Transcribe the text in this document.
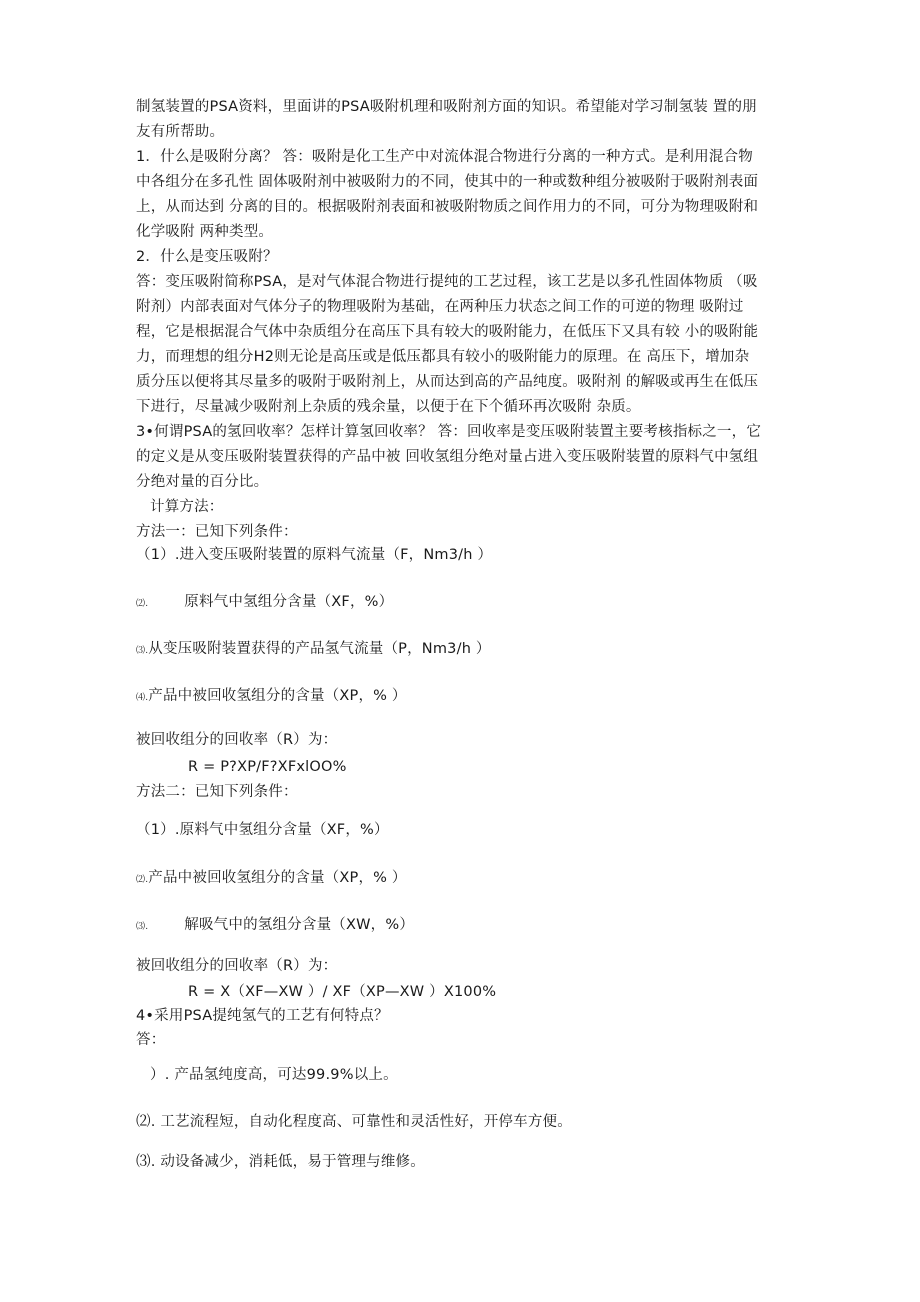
制氢装置的PSA资料，里面讲的PSA吸附机理和吸附剂方面的知识。希望能对学习制氢装 置的朋
友有所帮助。
1．什么是吸附分离？ 答：吸附是化工生产中对流体混合物进行分离的一种方式。是利用混合物
中各组分在多孔性 固体吸附剂中被吸附力的不同，使其中的一种或数种组分被吸附于吸附剂表面
上，从而达到 分离的目的。根据吸附剂表面和被吸附物质之间作用力的不同，可分为物理吸附和
化学吸附 两种类型。
2．什么是变压吸附？
答：变压吸附简称PSA，是对气体混合物进行提纯的工艺过程，该工艺是以多孔性固体物质 （吸
附剂）内部表面对气体分子的物理吸附为基础，在两种压力状态之间工作的可逆的物理 吸附过
程，它是根据混合气体中杂质组分在高压下具有较大的吸附能力，在低压下又具有较 小的吸附能
力，而理想的组分H2则无论是高压或是低压都具有较小的吸附能力的原理。在 高压下，增加杂
质分压以便将其尽量多的吸附于吸附剂上，从而达到高的产品纯度。吸附剂 的解吸或再生在低压
下进行，尽量减少吸附剂上杂质的残余量，以便于在下个循环再次吸附 杂质。
3•何谓PSA的氢回收率？怎样计算氢回收率？ 答：回收率是变压吸附装置主要考核指标之一，它
的定义是从变压吸附装置获得的产品中被 回收氢组分绝对量占进入变压吸附装置的原料气中氢组
分绝对量的百分比。
计算方法：
方法一：已知下列条件：
（1）.进入变压吸附装置的原料气流量（F，Nm3/h ）
⑵. 原料气中氢组分含量（XF，%）
⑶.从变压吸附装置获得的产品氢气流量（P，Nm3/h ）
⑷.产品中被回收氢组分的含量（XP，% ）
被回收组分的回收率（R）为：
R = P?XP/F?XFxlOO%
方法二：已知下列条件：
（1）.原料气中氢组分含量（XF，%）
⑵.产品中被回收氢组分的含量（XP，% ）
⑶. 解吸气中的氢组分含量（XW，%）
被回收组分的回收率（R）为：
R = X（XF—XW ）/ XF（XP—XW ）X100%
4•采用PSA提纯氢气的工艺有何特点？
答：
）. 产品氢纯度高，可达99.9%以上。
⑵. 工艺流程短，自动化程度高、可靠性和灵活性好，开停车方便。
⑶. 动设备减少，消耗低，易于管理与维修。
